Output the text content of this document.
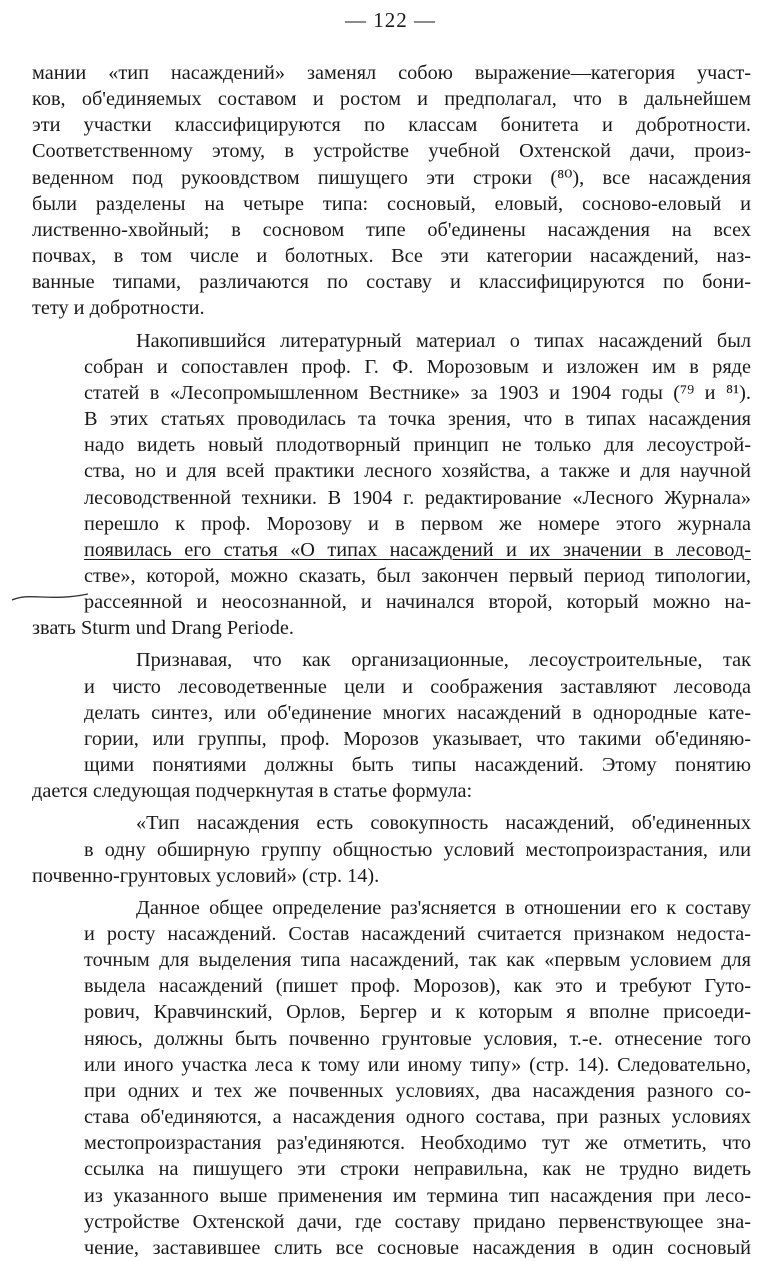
— 122 —

мании «тип насаждений» заменял собою выражение—категория участ-
ков, об'единяемых составом и ростом и предполагал, что в дальнейшем
эти участки классифицируются по классам бонитета и добротности.
Соответственному этому, в устройстве учебной Охтенской дачи, произ-
веденном под рукоовдством пишущего эти строки (⁸⁰), все насаждения
были разделены на четыре типа: сосновый, еловый, сосново-еловый и
лиственно-хвойный; в сосновом типе об'единены насаждения на всех
почвах, в том числе и болотных. Все эти категории насаждений, наз-
ванные типами, различаются по составу и классифицируются по бони-

тету и добротности.

Накопившийся литературный материал о типах насаждений был
собран и сопоставлен проф. Г. Ф. Морозовым и изложен им в ряде
статей в «Лесопромышленном Вестнике» за 1903 и 1904 годы (⁷⁹ и ⁸¹).
В этих статьях проводилась та точка зрения, что в типах насаждения
надо видеть новый плодотворный принцип не только для лесоустрой-
ства, но и для всей практики лесного хозяйства, а также и для научной
лесоводственной техники. В 1904 г. редактирование «Лесного Журнала»
перешло к проф. Морозову и в первом же номере этого журнала
появилась его статья «О типах насаждений и их значении в лесовод-
стве», которой, можно сказать, был закончен первый период типологии,
рассеянной и неосознанной, и начинался второй, который можно на-

звать Sturm und Drang Periode.

Признавая, что как организационные, лесоустроительные, так
и чисто лесоводетвенные цели и соображения заставляют лесовода
делать синтез, или об'единение многих насаждений в однородные кате-
гории, или группы, проф. Морозов указывает, что такими об'единяю-
щими понятиями должны быть типы насаждений. Этому понятию

дается следующая подчеркнутая в статье формула:

«Тип насаждения есть совокупность насаждений, об'единенных
в одну обширную группу общностью условий местопроизрастания, или

почвенно-грунтовых условий» (стр. 14).

Данное общее определение раз'ясняется в отношении его к составу
и росту насаждений. Состав насаждений считается признаком недоста-
точным для выделения типа насаждений, так как «первым условием для
выдела насаждений (пишет проф. Морозов), как это и требуют Гуто-
рович, Кравчинский, Орлов, Бергер и к которым я вполне присоеди-
няюсь, должны быть почвенно грунтовые условия, т.-е. отнесение того
или иного участка леса к тому или иному типу» (стр. 14). Следовательно,
при одних и тех же почвенных условиях, два насаждения разного со-
става об'единяются, а насаждения одного состава, при разных условиях
местопроизрастания раз'единяются. Необходимо тут же отметить, что
ссылка на пишущего эти строки неправильна, как не трудно видеть
из указанного выше применения им термина тип насаждения при лесо-
устройстве Охтенской дачи, где составу придано первенствующее зна-
чение, заставившее слить все сосновые насаждения в один сосновый
